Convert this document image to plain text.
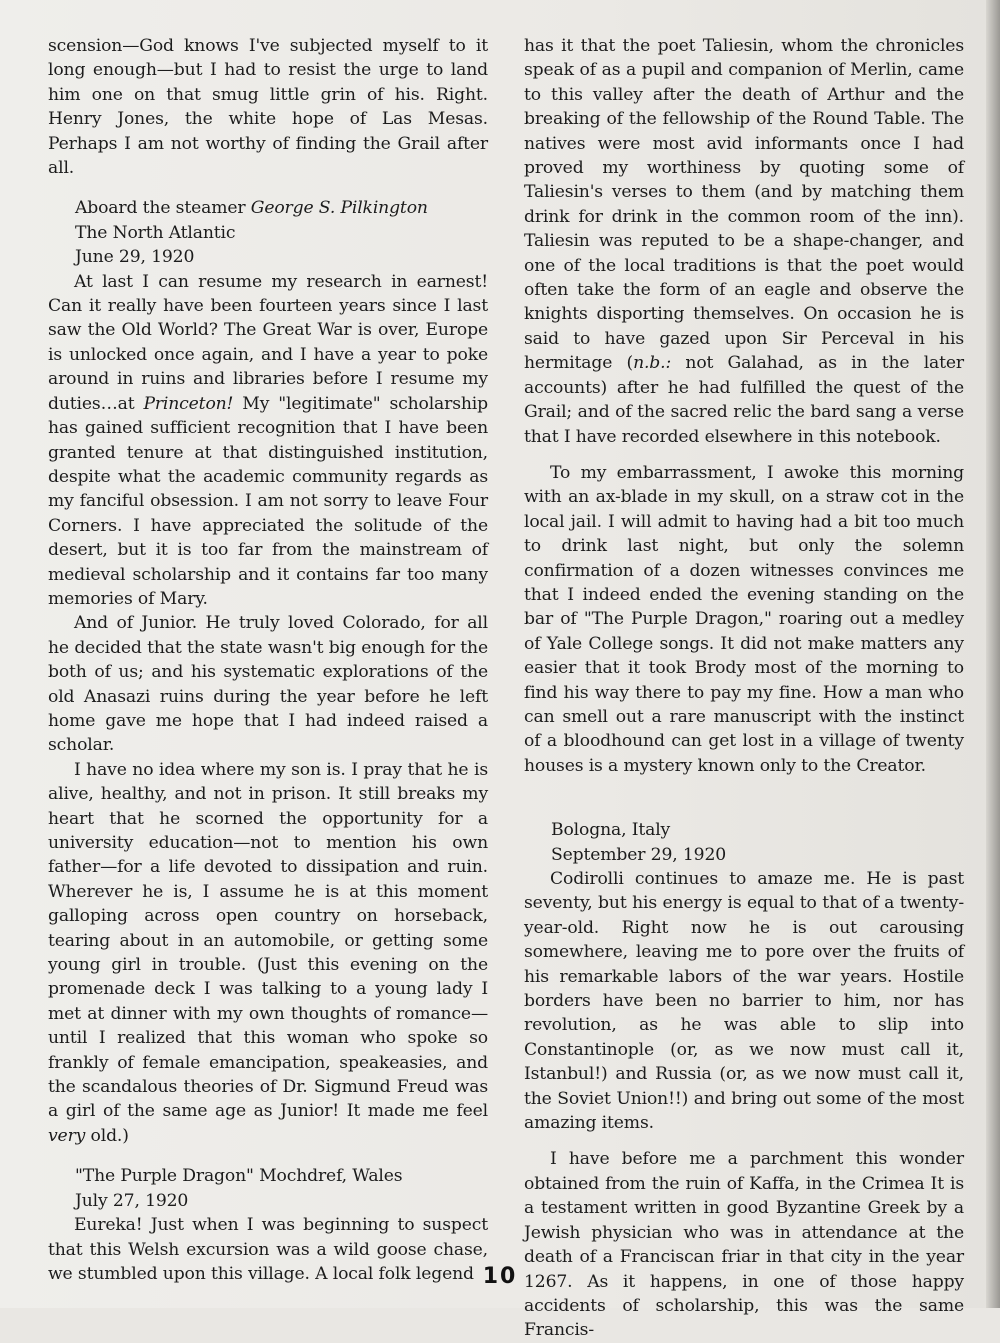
scension—God knows I've subjected myself to it long enough—but I had to resist the urge to land him one on that smug little grin of his. Right. Henry Jones, the white hope of Las Mesas. Perhaps I am not worthy of finding the Grail after all.

Aboard the steamer George S. Pilkington
The North Atlantic
June 29, 1920

At last I can resume my research in earnest! Can it really have been fourteen years since I last saw the Old World? The Great War is over, Europe is unlocked once again, and I have a year to poke around in ruins and libraries before I resume my duties…at Princeton! My "legitimate" scholarship has gained sufficient recognition that I have been granted tenure at that distinguished institution, despite what the academic community regards as my fanciful obsession. I am not sorry to leave Four Corners. I have appreciated the solitude of the desert, but it is too far from the mainstream of medieval scholarship and it contains far too many memories of Mary.

And of Junior. He truly loved Colorado, for all he decided that the state wasn't big enough for the both of us; and his systematic explorations of the old Anasazi ruins during the year before he left home gave me hope that I had indeed raised a scholar.

I have no idea where my son is. I pray that he is alive, healthy, and not in prison. It still breaks my heart that he scorned the opportunity for a university education—not to mention his own father—for a life devoted to dissipation and ruin. Wherever he is, I assume he is at this moment galloping across open country on horseback, tearing about in an automobile, or getting some young girl in trouble. (Just this evening on the promenade deck I was talking to a young lady I met at dinner with my own thoughts of romance—until I realized that this woman who spoke so frankly of female emancipation, speakeasies, and the scandalous theories of Dr. Sigmund Freud was a girl of the same age as Junior! It made me feel very old.)

"The Purple Dragon" Mochdref, Wales
July 27, 1920

Eureka! Just when I was beginning to suspect that this Welsh excursion was a wild goose chase, we stumbled upon this village. A local folk legend

has it that the poet Taliesin, whom the chronicles speak of as a pupil and companion of Merlin, came to this valley after the death of Arthur and the breaking of the fellowship of the Round Table. The natives were most avid informants once I had proved my worthiness by quoting some of Taliesin's verses to them (and by matching them drink for drink in the common room of the inn). Taliesin was reputed to be a shape-changer, and one of the local traditions is that the poet would often take the form of an eagle and observe the knights disporting themselves. On occasion he is said to have gazed upon Sir Perceval in his hermitage (n.b.: not Galahad, as in the later accounts) after he had fulfilled the quest of the Grail; and of the sacred relic the bard sang a verse that I have recorded elsewhere in this notebook.

To my embarrassment, I awoke this morning with an ax-blade in my skull, on a straw cot in the local jail. I will admit to having had a bit too much to drink last night, but only the solemn confirmation of a dozen witnesses convinces me that I indeed ended the evening standing on the bar of "The Purple Dragon," roaring out a medley of Yale College songs. It did not make matters any easier that it took Brody most of the morning to find his way there to pay my fine. How a man who can smell out a rare manuscript with the instinct of a bloodhound can get lost in a village of twenty houses is a mystery known only to the Creator.

Bologna, Italy
September 29, 1920

Codirolli continues to amaze me. He is past seventy, but his energy is equal to that of a twenty-year-old. Right now he is out carousing somewhere, leaving me to pore over the fruits of his remarkable labors of the war years. Hostile borders have been no barrier to him, nor has revolution, as he was able to slip into Constantinople (or, as we now must call it, Istanbul!) and Russia (or, as we now must call it, the Soviet Union!!) and bring out some of the most amazing items.

I have before me a parchment this wonder obtained from the ruin of Kaffa, in the Crimea It is a testament written in good Byzantine Greek by a Jewish physician who was in attendance at the death of a Franciscan friar in that city in the year 1267. As it happens, in one of those happy accidents of scholarship, this was the same Francis-

10
